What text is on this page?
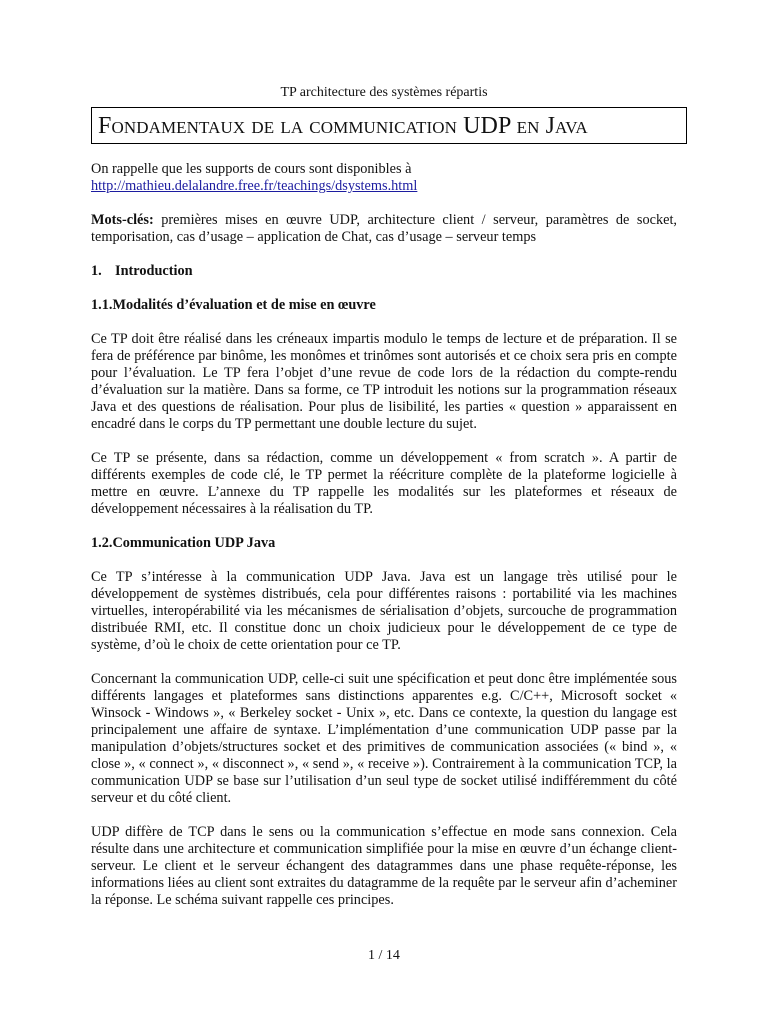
TP architecture des systèmes répartis
Fondamentaux de la communication UDP en Java

On rappelle que les supports de cours sont disponibles à

http://mathieu.delalandre.free.fr/teachings/dsystems.html

Mots-clés: premières mises en œuvre UDP, architecture client / serveur, paramètres de socket, temporisation, cas d’usage – application de Chat, cas d’usage – serveur temps

1. Introduction
1.1.Modalités d’évaluation et de mise en œuvre

Ce TP doit être réalisé dans les créneaux impartis modulo le temps de lecture et de préparation. Il se fera de préférence par binôme, les monômes et trinômes sont autorisés et ce choix sera pris en compte pour l’évaluation. Le TP fera l’objet d’une revue de code lors de la rédaction du compte-rendu d’évaluation sur la matière. Dans sa forme, ce TP introduit les notions sur la programmation réseaux Java et des questions de réalisation. Pour plus de lisibilité, les parties « question » apparaissent en encadré dans le corps du TP permettant une double lecture du sujet.

Ce TP se présente, dans sa rédaction, comme un développement « from scratch ». A partir de différents exemples de code clé, le TP permet la réécriture complète de la plateforme logicielle à mettre en œuvre. L’annexe du TP rappelle les modalités sur les plateformes et réseaux de développement nécessaires à la réalisation du TP.

1.2.Communication UDP Java

Ce TP s’intéresse à la communication UDP Java. Java est un langage très utilisé pour le développement de systèmes distribués, cela pour différentes raisons : portabilité via les machines virtuelles, interopérabilité via les mécanismes de sérialisation d’objets, surcouche de programmation distribuée RMI, etc. Il constitue donc un choix judicieux pour le développement de ce type de système, d’où le choix de cette orientation pour ce TP.

Concernant la communication UDP, celle-ci suit une spécification et peut donc être implémentée sous différents langages et plateformes sans distinctions apparentes e.g. C/C++, Microsoft socket « Winsock - Windows », « Berkeley socket - Unix », etc. Dans ce contexte, la question du langage est principalement une affaire de syntaxe. L’implémentation d’une communication UDP passe par la manipulation d’objets/structures socket et des primitives de communication associées (« bind », « close », « connect », « disconnect », « send », « receive »). Contrairement à la communication TCP, la communication UDP se base sur l’utilisation d’un seul type de socket utilisé indifféremment du côté serveur et du côté client.

UDP diffère de TCP dans le sens ou la communication s’effectue en mode sans connexion. Cela résulte dans une architecture et communication simplifiée pour la mise en œuvre d’un échange client-serveur. Le client et le serveur échangent des datagrammes dans une phase requête-réponse, les informations liées au client sont extraites du datagramme de la requête par le serveur afin d’acheminer la réponse. Le schéma suivant rappelle ces principes.

1 / 14
